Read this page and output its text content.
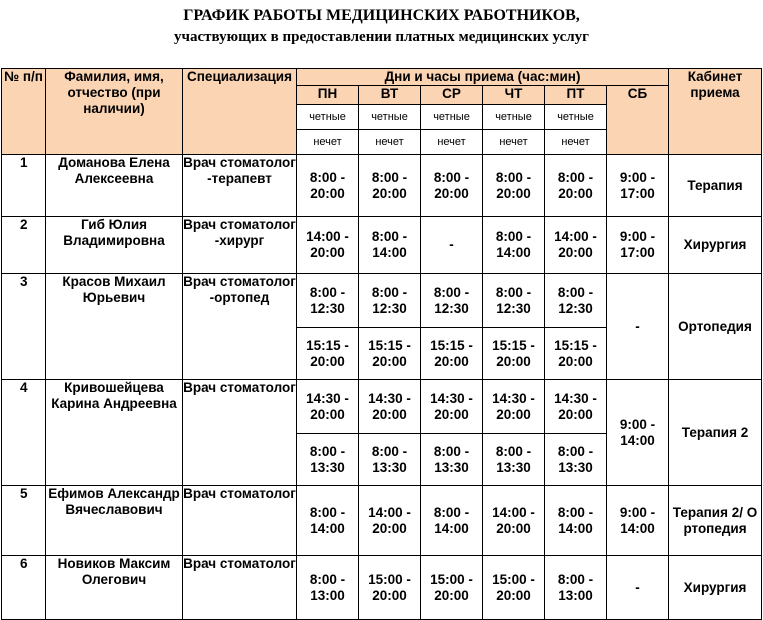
ГРАФИК РАБОТЫ МЕДИЦИНСКИХ РАБОТНИКОВ,
участвующих в предоставлении платных медицинских услуг
№ п/п	Фамилия, имя, отчество (при наличии)	Специализация	Дни и часы приема (час:мин)						Кабинет приема
			ПН	ВТ	СР	ЧТ	ПТ	СБ	
			четные	четные	четные	четные	четные		
			нечет	нечет	нечет	нечет	нечет		
1	Доманова Елена Алексеевна	Врач стоматолог-терапевт	8:00 - 20:00	8:00 - 20:00	8:00 - 20:00	8:00 - 20:00	8:00 - 20:00	9:00 - 17:00	Терапия
2	Гиб Юлия Владимировна	Врач стоматолог-хирург	14:00 - 20:00	8:00 - 14:00	-	8:00 - 14:00	14:00 - 20:00	9:00 - 17:00	Хирургия
3	Красов Михаил Юрьевич	Врач стоматолог-ортопед	8:00 - 12:30	8:00 - 12:30	8:00 - 12:30	8:00 - 12:30	8:00 - 12:30	-	Ортопедия
			15:15 - 20:00	15:15 - 20:00	15:15 - 20:00	15:15 - 20:00	15:15 - 20:00		
4	Кривошейцева Карина Андреевна	Врач стоматолог	14:30 - 20:00	14:30 - 20:00	14:30 - 20:00	14:30 - 20:00	14:30 - 20:00	9:00 - 14:00	Терапия 2
			8:00 - 13:30	8:00 - 13:30	8:00 - 13:30	8:00 - 13:30	8:00 - 13:30		
5	Ефимов Александр Вячеславович	Врач стоматолог	8:00 - 14:00	14:00 - 20:00	8:00 - 14:00	14:00 - 20:00	8:00 - 14:00	9:00 - 14:00	Терапия 2/ Ортопедия
6	Новиков Максим Олегович	Врач стоматолог	8:00 - 13:00	15:00 - 20:00	15:00 - 20:00	15:00 - 20:00	8:00 - 13:00	-	Хирургия
